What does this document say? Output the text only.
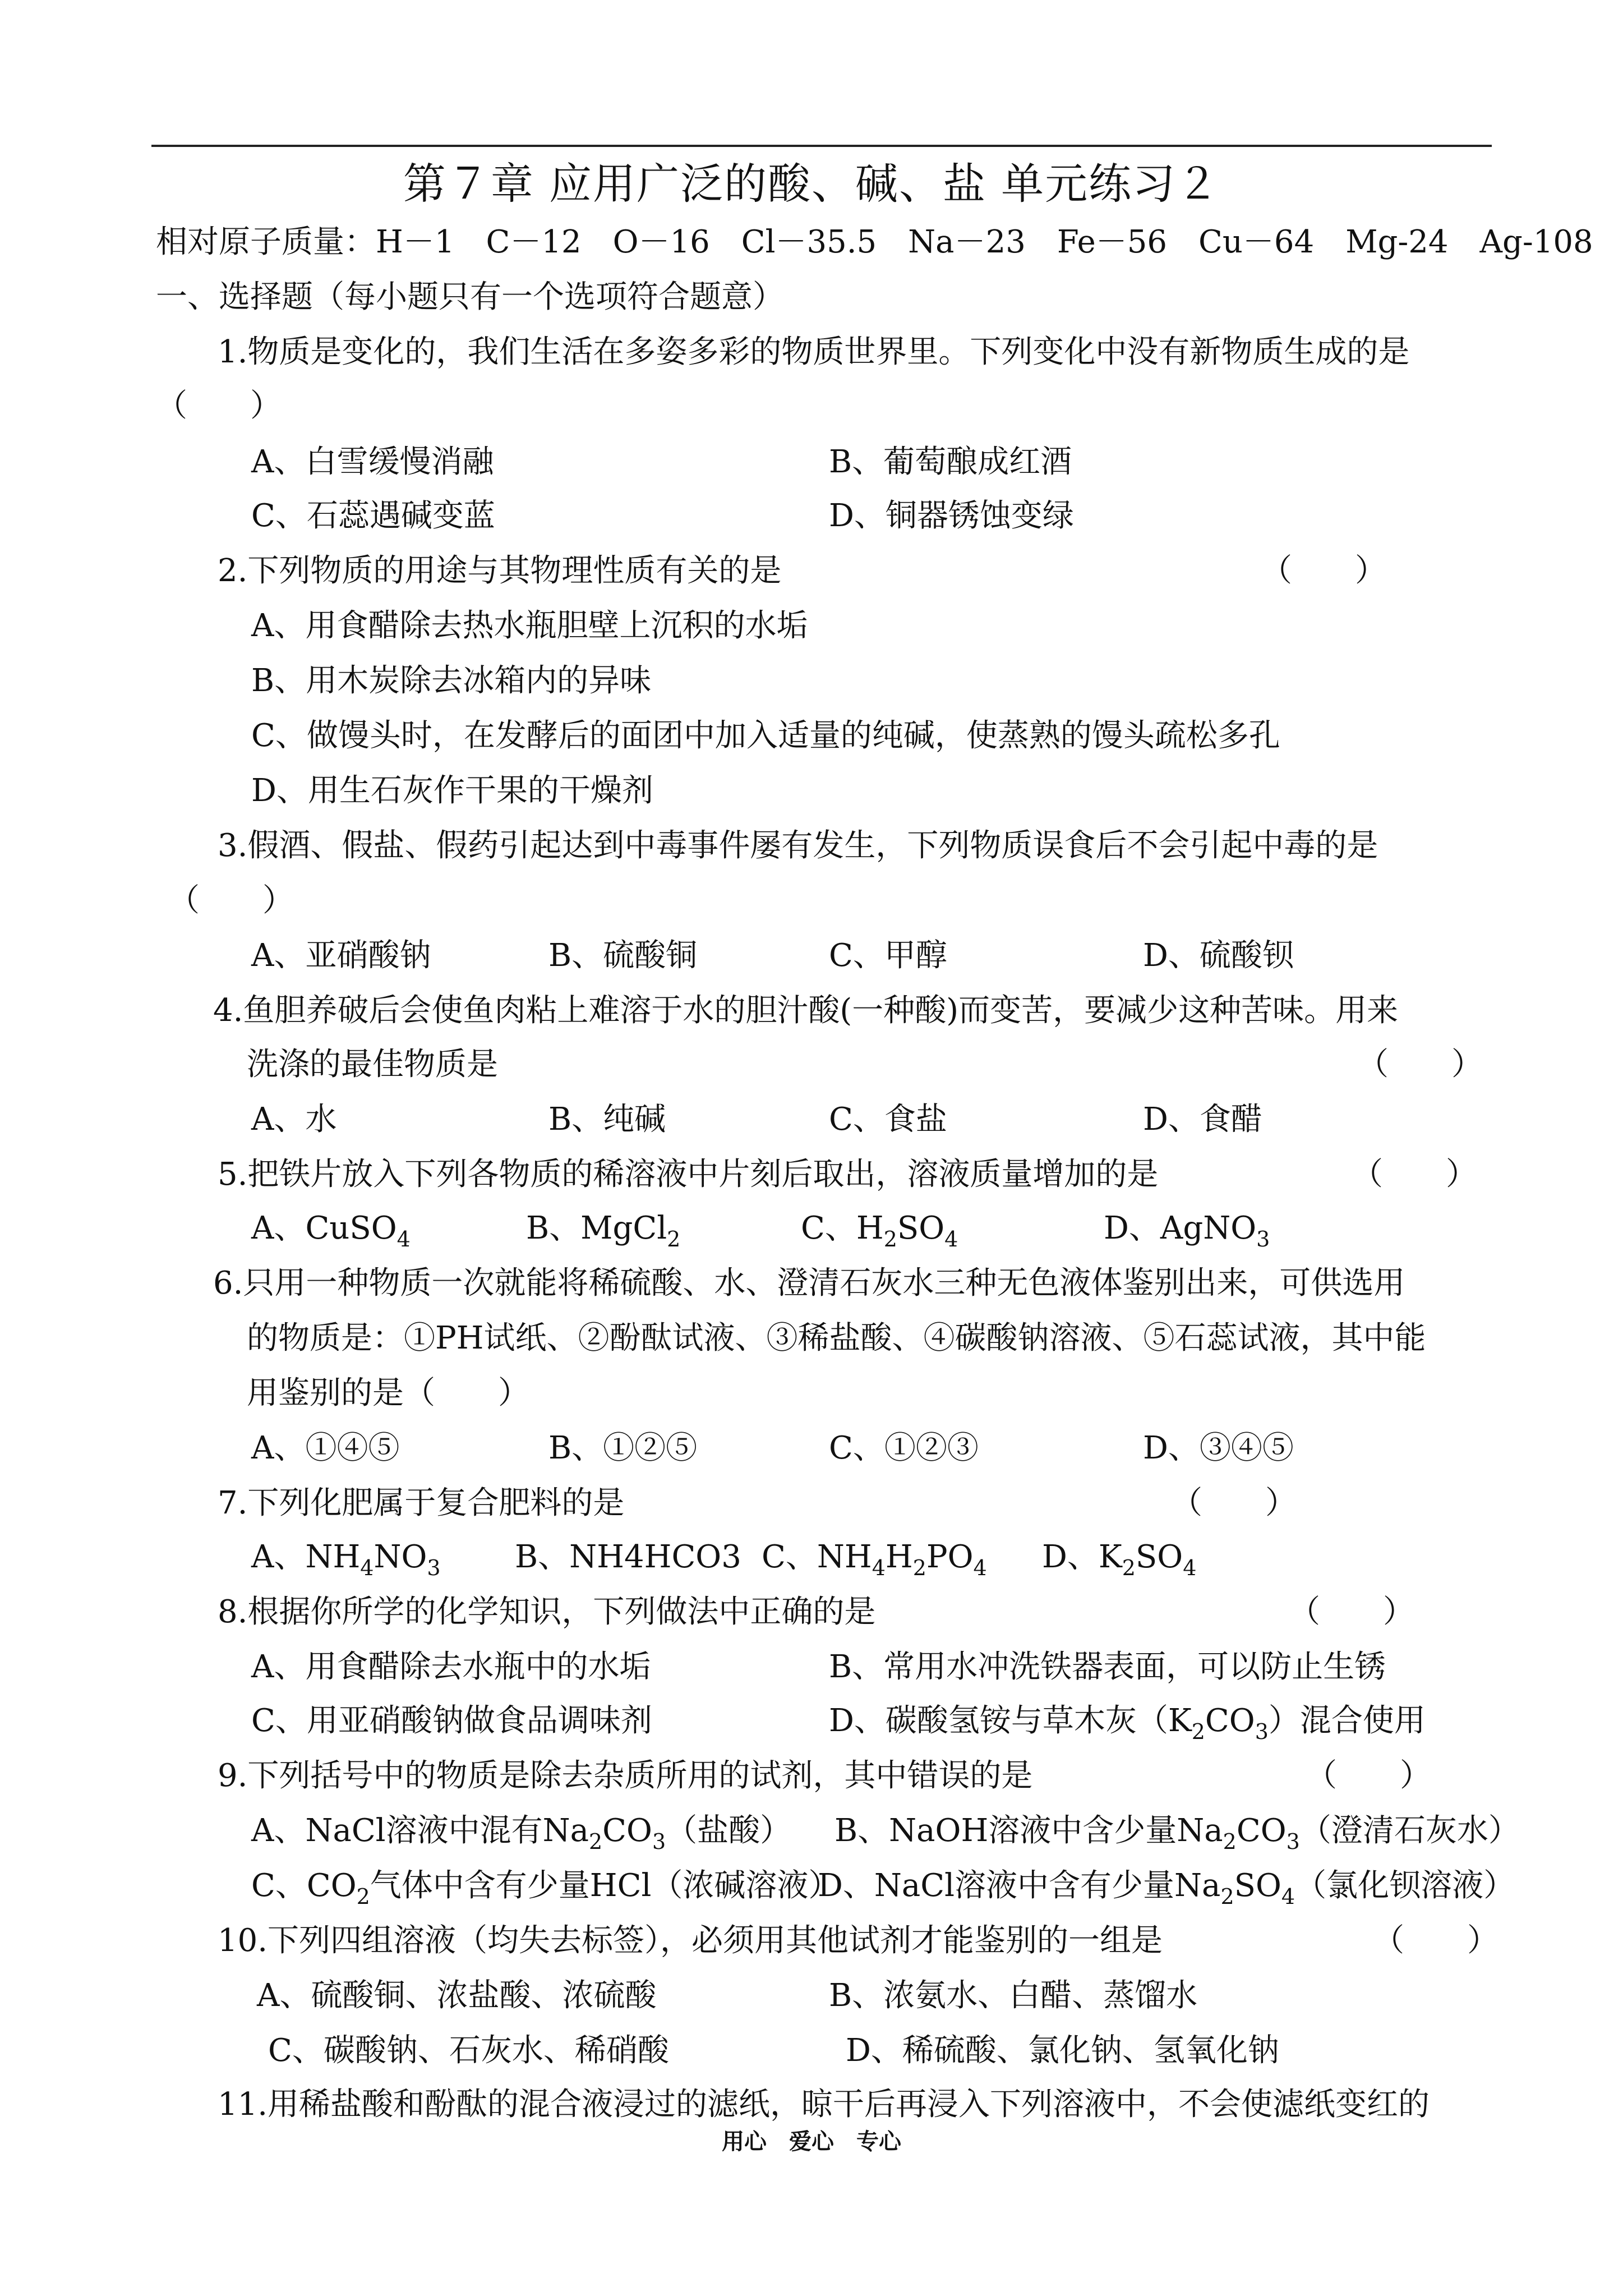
第７章 应用广泛的酸、碱、盐 单元练习２
相对原子质量：H－1　C－12　O－16　Cl－35.5　Na－23　Fe－56　Cu－64　Mg-24　Ag-108
一、选择题（每小题只有一个选项符合题意）
1.物质是变化的，我们生活在多姿多彩的物质世界里。下列变化中没有新物质生成的是
（　　）
A、白雪缓慢消融	B、葡萄酿成红酒
C、石蕊遇碱变蓝	D、铜器锈蚀变绿
2.下列物质的用途与其物理性质有关的是	（　　）
A、用食醋除去热水瓶胆壁上沉积的水垢
B、用木炭除去冰箱内的异味
C、做馒头时，在发酵后的面团中加入适量的纯碱，使蒸熟的馒头疏松多孔
D、用生石灰作干果的干燥剂
3.假酒、假盐、假药引起达到中毒事件屡有发生，下列物质误食后不会引起中毒的是
（　　）
A、亚硝酸钠	B、硫酸铜	C、甲醇	D、硫酸钡
4.鱼胆养破后会使鱼肉粘上难溶于水的胆汁酸(一种酸)而变苦，要减少这种苦味。用来
洗涤的最佳物质是	（　　）
A、水	B、纯碱	C、食盐	D、食醋
5.把铁片放入下列各物质的稀溶液中片刻后取出，溶液质量增加的是	（　　）
A、CuSO$_4$	B、MgCl$_2$	C、$H_2SO_4$	D、AgNO$_3$
6.只用一种物质一次就能将稀硫酸、水、澄清石灰水三种无色液体鉴别出来，可供选用
的物质是：①PH试纸、②酚酞试液、③稀盐酸、④碳酸钠溶液、⑤石蕊试液，其中能
用鉴别的是（　　）
A、①④⑤	B、①②⑤	C、①②③	D、③④⑤
7.下列化肥属于复合肥料的是	（　　）
A、$NH_4NO_3$ B、NH4HCO3 C、$NH_4H_2PO_4$ D、$K_2SO_4$
8.根据你所学的化学知识，下列做法中正确的是	（　　）
A、用食醋除去水瓶中的水垢	B、常用水冲洗铁器表面，可以防止生锈
C、用亚硝酸钠做食品调味剂	D、碳酸氢铵与草木灰$(K_2CO_3)$混合使用
9.下列括号中的物质是除去杂质所用的试剂，其中错误的是	（　　）
A、NaCl溶液中混有$Na_2CO_3$（盐酸） B、NaOH溶液中含少量$Na_2CO_3$（澄清石灰水）
C、$CO_2$气体中含有少量HCl（浓碱溶液）
D、NaCl溶液中含有少量$Na_2SO_4$（氯化钡溶液）
10.下列四组溶液（均失去标签），必须用其他试剂才能鉴别的一组是	（　　）
A、硫酸铜、浓盐酸、浓硫酸	B、浓氨水、白醋、蒸馏水
C、碳酸钠、石灰水、稀硝酸	D、稀硫酸、氯化钠、氢氧化钠
11.用稀盐酸和酚酞的混合液浸过的滤纸，晾干后再浸入下列溶液中，不会使滤纸变红的
用心　爱心　专心
